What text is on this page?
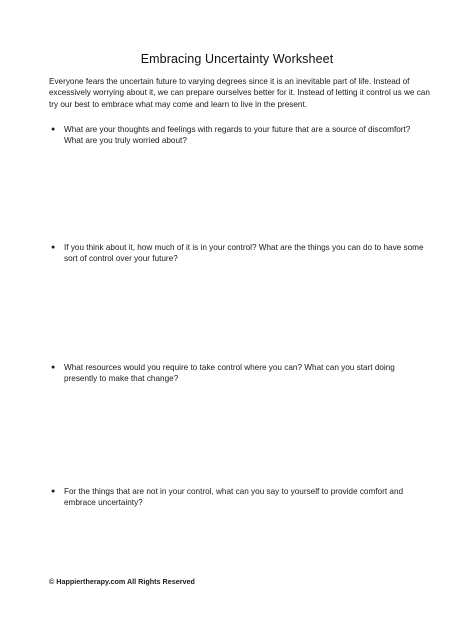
Embracing Uncertainty Worksheet

Everyone fears the uncertain future to varying degrees since it is an inevitable part of life. Instead of excessively worrying about it, we can prepare ourselves better for it. Instead of letting it control us we can try our best to embrace what may come and learn to live in the present.

● What are your thoughts and feelings with regards to your future that are a source of discomfort? What are you truly worried about?
● If you think about it, how much of it is in your control? What are the things you can do to have some sort of control over your future?
● What resources would you require to take control where you can? What can you start doing presently to make that change?
● For the things that are not in your control, what can you say to yourself to provide comfort and embrace uncertainty?
© Happiertherapy.com All Rights Reserved
